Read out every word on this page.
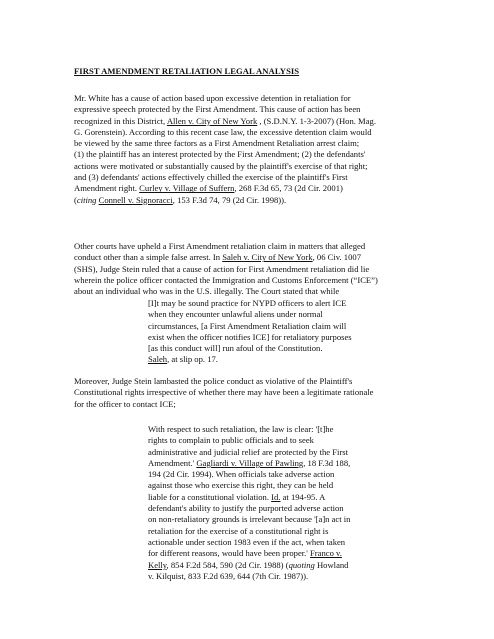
FIRST AMENDMENT RETALIATION LEGAL ANALYSIS

Mr. White has a cause of action based upon excessive detention in retaliation for
expressive speech protected by the First Amendment. This cause of action has been
recognized in this District, Allen v. City of New York , (S.D.N.Y. 1-3-2007) (Hon. Mag.
G. Gorenstein). According to this recent case law, the excessive detention claim would
be viewed by the same three factors as a First Amendment Retaliation arrest claim;
(1) the plaintiff has an interest protected by the First Amendment; (2) the defendants'
actions were motivated or substantially caused by the plaintiff's exercise of that right;
and (3) defendants' actions effectively chilled the exercise of the plaintiff's First
Amendment right. Curley v. Village of Suffern, 268 F.3d 65, 73 (2d Cir. 2001)
(citing Connell v. Signoracci, 153 F.3d 74, 79 (2d Cir. 1998)).

Other courts have upheld a First Amendment retaliation claim in matters that alleged
conduct other than a simple false arrest. In Saleh v. City of New York, 06 Civ. 1007
(SHS), Judge Stein ruled that a cause of action for First Amendment retaliation did lie
wherein the police officer contacted the Immigration and Customs Enforcement (“ICE”)
about an individual who was in the U.S. illegally. The Court stated that while

[I]t may be sound practice for NYPD officers to alert ICE
when they encounter unlawful aliens under normal
circumstances, [a First Amendment Retaliation claim will
exist when the officer notifies ICE] for retaliatory purposes
[as this conduct will] run afoul of the Constitution.
Saleh, at slip op. 17.

Moreover, Judge Stein lambasted the police conduct as violative of the Plaintiff's
Constitutional rights irrespective of whether there may have been a legitimate rationale
for the officer to contact ICE;

With respect to such retaliation, the law is clear: '[t]he
rights to complain to public officials and to seek
administrative and judicial relief are protected by the First
Amendment.' Gagliardi v. Village of Pawling, 18 F.3d 188,
194 (2d Cir. 1994). When officials take adverse action
against those who exercise this right, they can be held
liable for a constitutional violation. Id. at 194-95. A
defendant's ability to justify the purported adverse action
on non-retaliatory grounds is irrelevant because '[a]n act in
retaliation for the exercise of a constitutional right is
actionable under section 1983 even if the act, when taken
for different reasons, would have been proper.' Franco v.
Kelly, 854 F.2d 584, 590 (2d Cir. 1988) (quoting Howland
v. Kilquist, 833 F.2d 639, 644 (7th Cir. 1987)).
